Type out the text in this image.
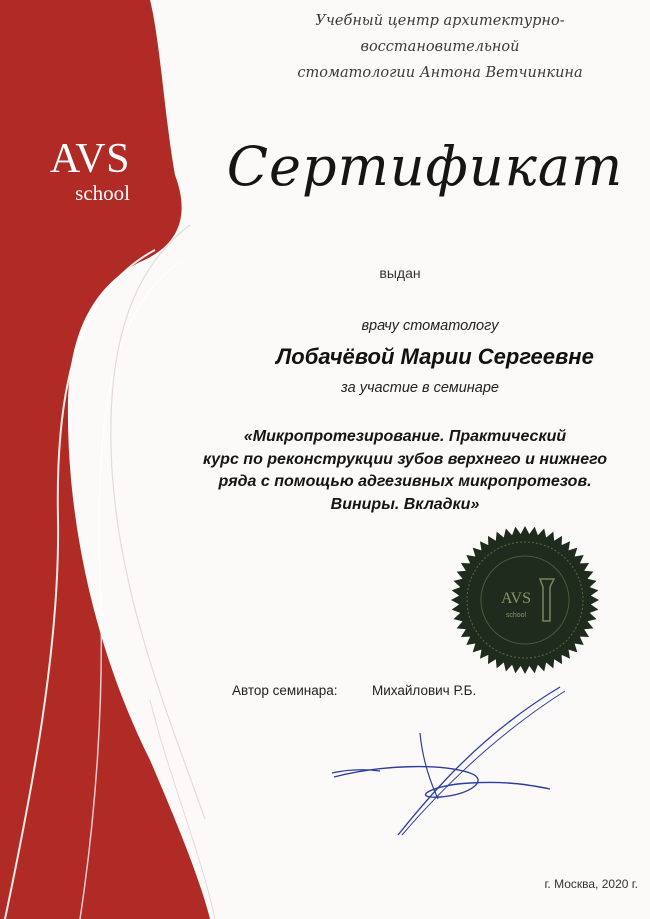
Учебный центр архитектурно-восстановительной
стоматологии Антона Ветчинкина
AVS
school Сертификат
выдан
врачу стоматологу
Лобачёвой Марии Сергеевне
за участие в семинаре
«Микропротезирование. Практический
курс по реконструкции зубов верхнего и нижнего
ряда с помощью адгезивных микропротезов.
Виниры. Вкладки»
AVS
school
Автор семинара:	Михайлович Р.Б.
г. Москва, 2020 г.
